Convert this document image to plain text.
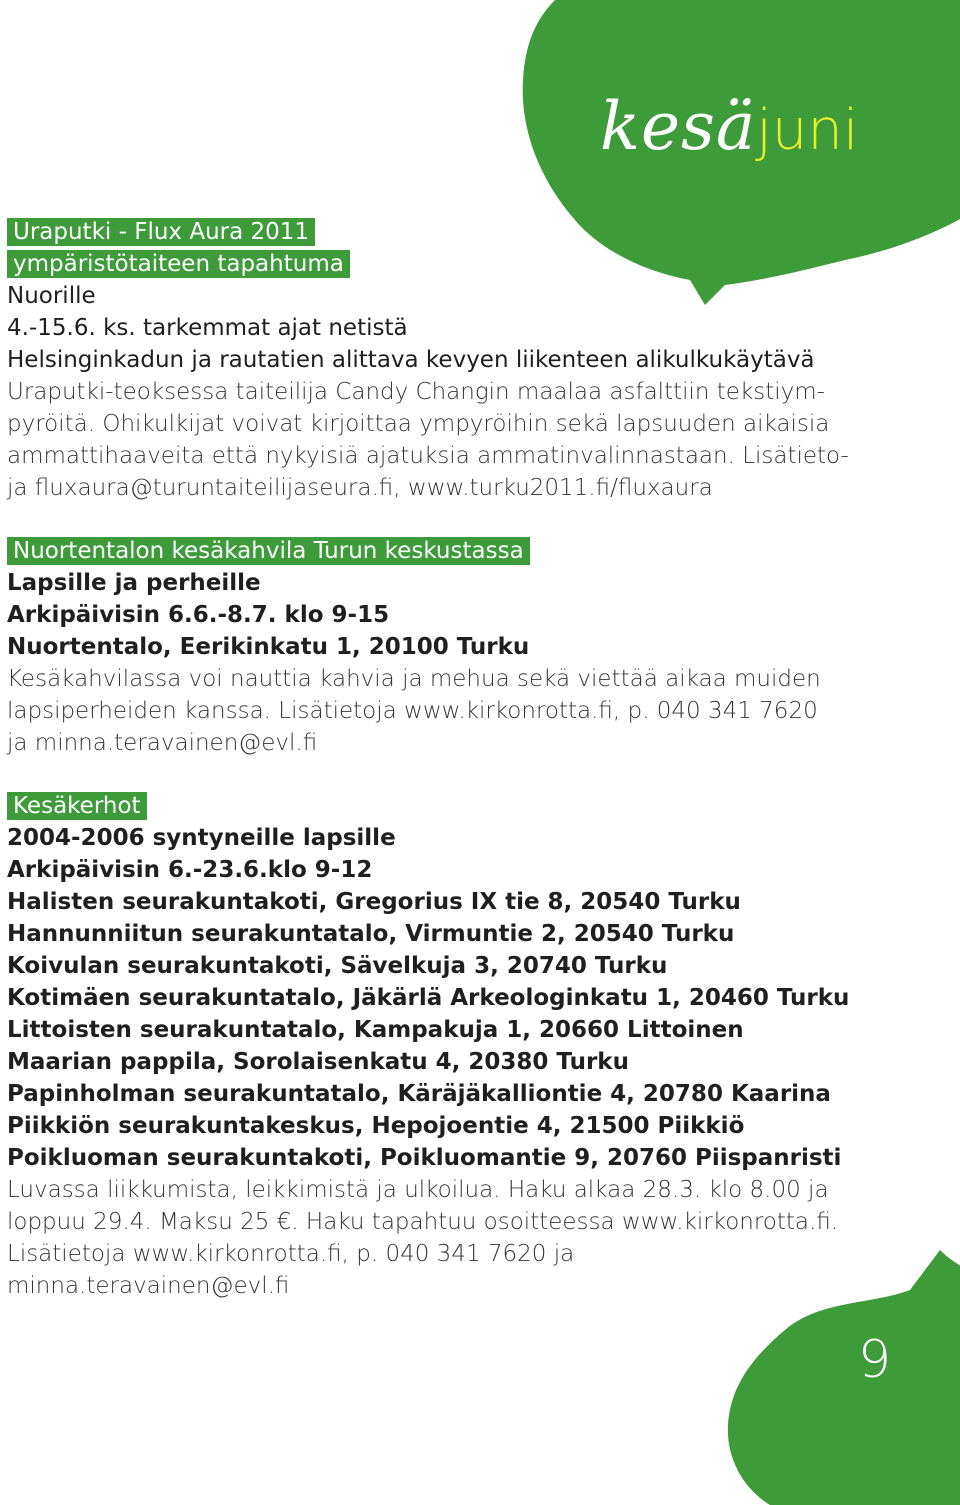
kesäjuni
9
Uraputki - Flux Aura 2011
ympäristötaiteen tapahtuma
Nuorille
4.-15.6. ks. tarkemmat ajat netistä
Helsinginkadun ja rautatien alittava kevyen liikenteen alikulkukäytävä
Uraputki-teoksessa taiteilija Candy Changin maalaa asfalttiin tekstiym-
pyröitä. Ohikulkijat voivat kirjoittaa ympyröihin sekä lapsuuden aikaisia
ammattihaaveita että nykyisiä ajatuksia ammatinvalinnastaan. Lisätieto-
ja fluxaura@turuntaiteilijaseura.fi, www.turku2011.fi/fluxaura
Nuortentalon kesäkahvila Turun keskustassa
Lapsille ja perheille
Arkipäivisin 6.6.-8.7. klo 9-15
Nuortentalo, Eerikinkatu 1, 20100 Turku
Kesäkahvilassa voi nauttia kahvia ja mehua sekä viettää aikaa muiden
lapsiperheiden kanssa. Lisätietoja www.kirkonrotta.fi, p. 040 341 7620
ja minna.teravainen@evl.fi
Kesäkerhot
2004-2006 syntyneille lapsille
Arkipäivisin 6.-23.6.klo 9-12
Halisten seurakuntakoti, Gregorius IX tie 8, 20540 Turku
Hannunniitun seurakuntatalo, Virmuntie 2, 20540 Turku
Koivulan seurakuntakoti, Sävelkuja 3, 20740 Turku
Kotimäen seurakuntatalo, Jäkärlä Arkeologinkatu 1, 20460 Turku
Littoisten seurakuntatalo, Kampakuja 1, 20660 Littoinen
Maarian pappila, Sorolaisenkatu 4, 20380 Turku
Papinholman seurakuntatalo, Käräjäkalliontie 4, 20780 Kaarina
Piikkiön seurakuntakeskus, Hepojoentie 4, 21500 Piikkiö
Poikluoman seurakuntakoti, Poikluomantie 9, 20760 Piispanristi
Luvassa liikkumista, leikkimistä ja ulkoilua. Haku alkaa 28.3. klo 8.00 ja
loppuu 29.4. Maksu 25 €. Haku tapahtuu osoitteessa www.kirkonrotta.fi.
Lisätietoja www.kirkonrotta.fi, p. 040 341 7620 ja
minna.teravainen@evl.fi
